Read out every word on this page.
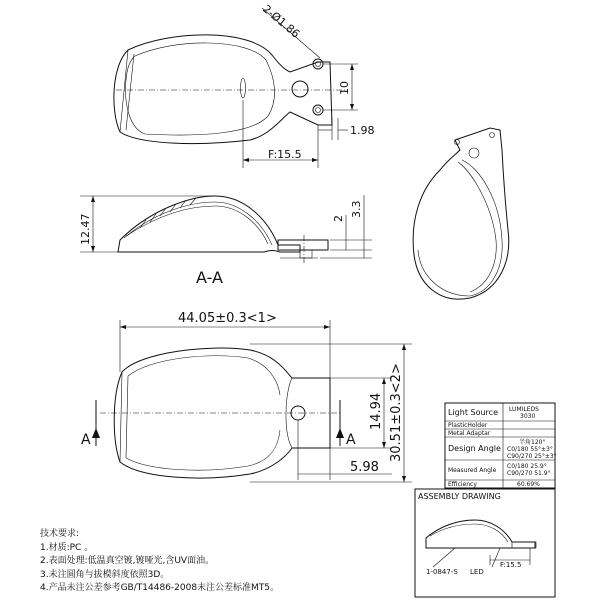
2-Ø1.86
10
1.98
F:15.5
12.47	2
3.3
A-A
44.05±0.3<1>
30.51±0.3<2>
14.94
5.98
A	A
Light Source LUMILEDS
3030
PlasticHolder
Metal Adaptar
Design Angle
半角120°
C0/180 55°±3°
C90/270 25°±3°
Measured Angle
C0/180 25.9°
C90/270 51.9°
Efficiency	60.69%
ASSEMBLY DRAWING
1-0847-S LED
F:15.5
技术要求:
1.材质:PC 。
2.表面处理:低温真空镀,镀哑光,含UV面油。
3.未注圆角与拔模斜度依照3D。
4.产品未注公差参考GB/T14486-2008未注公差标准MT5。
